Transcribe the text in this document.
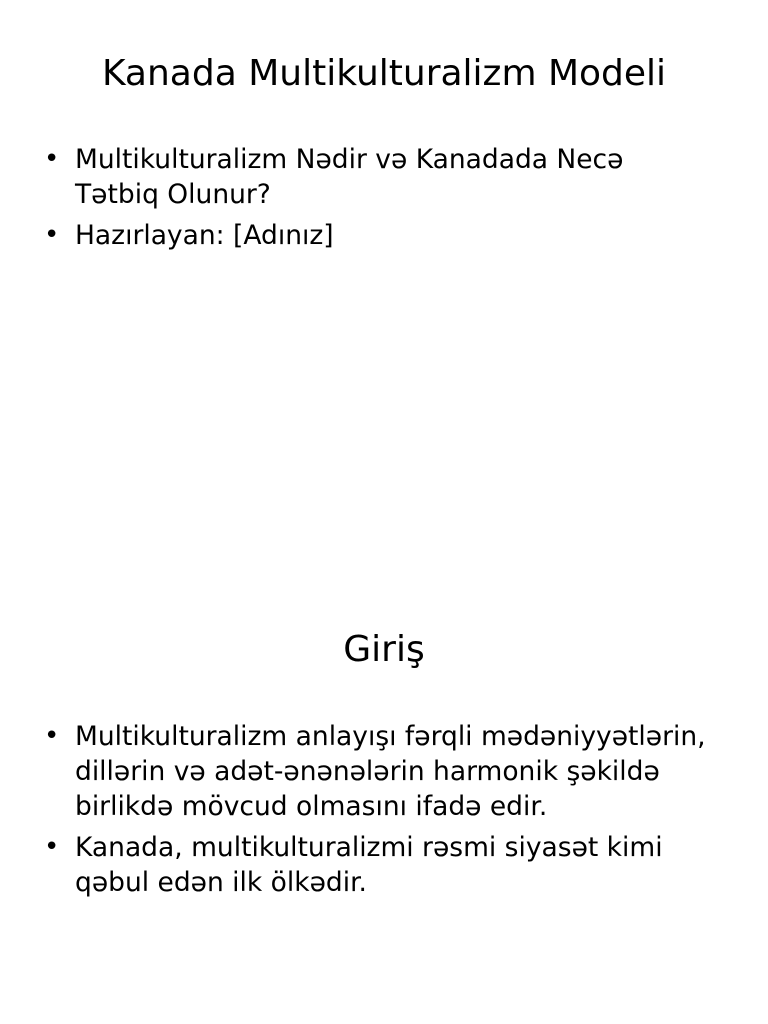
Kanada Multikulturalizm Modeli
• Multikulturalizm Nədir və Kanadada Necə Tətbiq Olunur?
• Hazırlayan: [Adınız]
Giriş
• Multikulturalizm anlayışı fərqli mədəniyyətlərin, dillərin və adət-ənənələrin harmonik şəkildə birlikdə mövcud olmasını ifadə edir.
• Kanada, multikulturalizmi rəsmi siyasət kimi qəbul edən ilk ölkədir.
